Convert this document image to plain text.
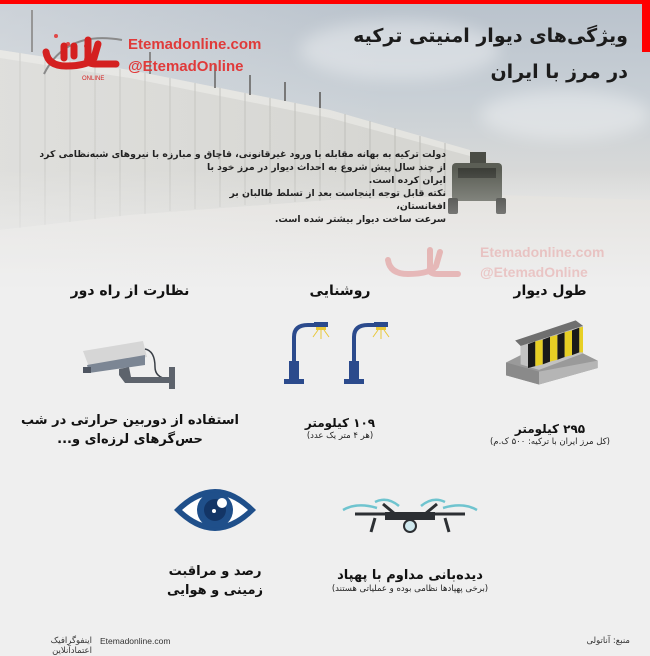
ONLINE
Etemadonline.com
@EtemadOnline
ویژگی‌های دیوار امنیتی ترکیه
در مرز با ایران
دولت ترکیه به بهانه مقابله با ورود غیرقانونی، قاچاق و مبارزه با نیروهای شبه‌نظامی کرد
از چند سال پیش شروع به احداث دیوار در مرز خود با ایران کرده است.
نکته قابل توجه اینجاست بعد از تسلط طالبان بر افغانستان،
سرعت ساخت دیوار بیشتر شده است.
Etemadonline.com
@EtemadOnline
طول دیوار
۲۹۵ کیلومتر
(کل مرز ایران با ترکیه: ۵۰۰ ک.م)
روشنایی
۱۰۹ کیلومتر
(هر ۴ متر یک عدد)
نظارت از راه دور
استفاده از دوربین حرارتی در شب
حس‌گرهای لرزه‌ای و...
دیده‌بانی مداوم با پهپاد
(برخی پهپادها نظامی بوده و عملیاتی هستند)
رصد و مراقبت
زمینی و هوایی
منبع: آناتولی
Etemadonline.com
اینفوگرافیک اعتمادآنلاین
